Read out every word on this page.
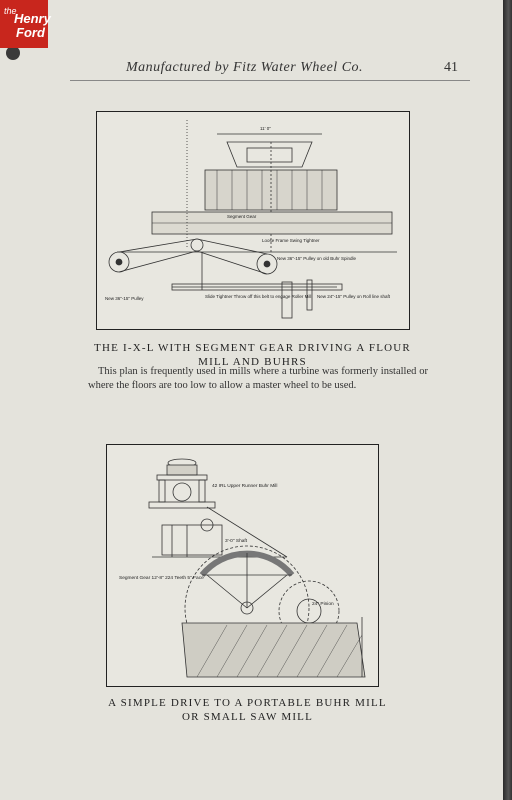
Manufactured by Fitz Water Wheel Co.	41
11' 0"
Segment Gear
New 36"-15" Pulley
Loose Frame Swing Tightner
New 36"-15" Pulley on old Buhr Spindle
Slide Tightner Throw off this belt to engage Roller Mill New 24"-15" Pulley on Roll line shaft
THE I-X-L WITH SEGMENT GEAR DRIVING A FLOUR
MILL AND BUHRS
This plan is frequently used in mills where a turbine was formerly installed or where the floors are too low to allow a master wheel to be used.
42 IRL Upper Runner Buhr Mill
Segment Gear 12'-8" 224 Teeth 5" Face
24" Pinion
3'-0" Shaft
A SIMPLE DRIVE TO A PORTABLE BUHR MILL
OR SMALL SAW MILL
the
Henry
Ford
